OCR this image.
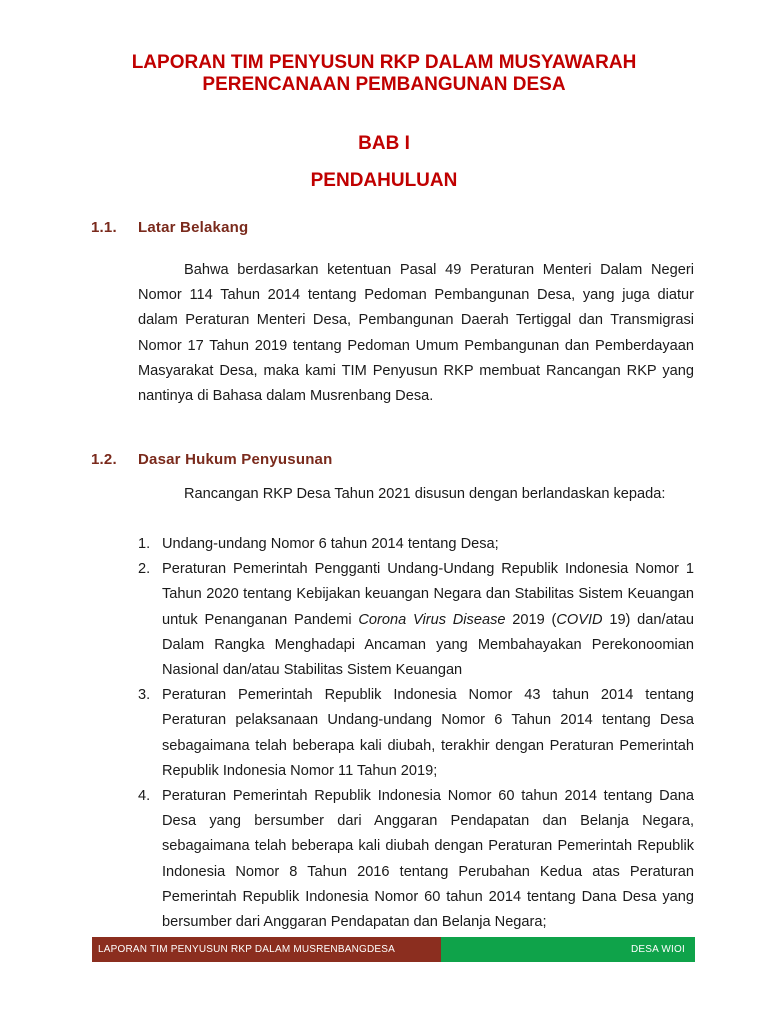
LAPORAN TIM PENYUSUN RKP DALAM MUSYAWARAH
PERENCANAAN PEMBANGUNAN DESA
BAB I
PENDAHULUAN
1.1. Latar Belakang

Bahwa berdasarkan ketentuan Pasal 49 Peraturan Menteri Dalam Negeri Nomor 114 Tahun 2014 tentang Pedoman Pembangunan Desa, yang juga diatur dalam Peraturan Menteri Desa, Pembangunan Daerah Tertiggal dan Transmigrasi Nomor 17 Tahun 2019 tentang Pedoman Umum Pembangunan dan Pemberdayaan Masyarakat Desa, maka kami TIM Penyusun RKP membuat Rancangan RKP yang nantinya di Bahasa dalam Musrenbang Desa.

1.2. Dasar Hukum Penyusunan

Rancangan RKP Desa Tahun 2021 disusun dengan berlandaskan kepada:

1. Undang-undang Nomor 6 tahun 2014 tentang Desa;
2. Peraturan Pemerintah Pengganti Undang-Undang Republik Indonesia Nomor 1 Tahun 2020 tentang Kebijakan keuangan Negara dan Stabilitas Sistem Keuangan untuk Penanganan Pandemi Corona Virus Disease 2019 (COVID 19) dan/atau Dalam Rangka Menghadapi Ancaman yang Membahayakan Perekonoomian Nasional dan/atau Stabilitas Sistem Keuangan
3. Peraturan Pemerintah Republik Indonesia Nomor 43 tahun 2014 tentang Peraturan pelaksanaan Undang-undang Nomor 6 Tahun 2014 tentang Desa sebagaimana telah beberapa kali diubah, terakhir dengan Peraturan Pemerintah Republik Indonesia Nomor 11 Tahun 2019;
4. Peraturan Pemerintah Republik Indonesia Nomor 60 tahun 2014 tentang Dana Desa yang bersumber dari Anggaran Pendapatan dan Belanja Negara, sebagaimana telah beberapa kali diubah dengan Peraturan Pemerintah Republik Indonesia Nomor 8 Tahun 2016 tentang Perubahan Kedua atas Peraturan Pemerintah Republik Indonesia Nomor 60 tahun 2014 tentang Dana Desa yang bersumber dari Anggaran Pendapatan dan Belanja Negara;
LAPORAN TIM PENYUSUN RKP DALAM MUSRENBANGDESA	DESA WIOI
